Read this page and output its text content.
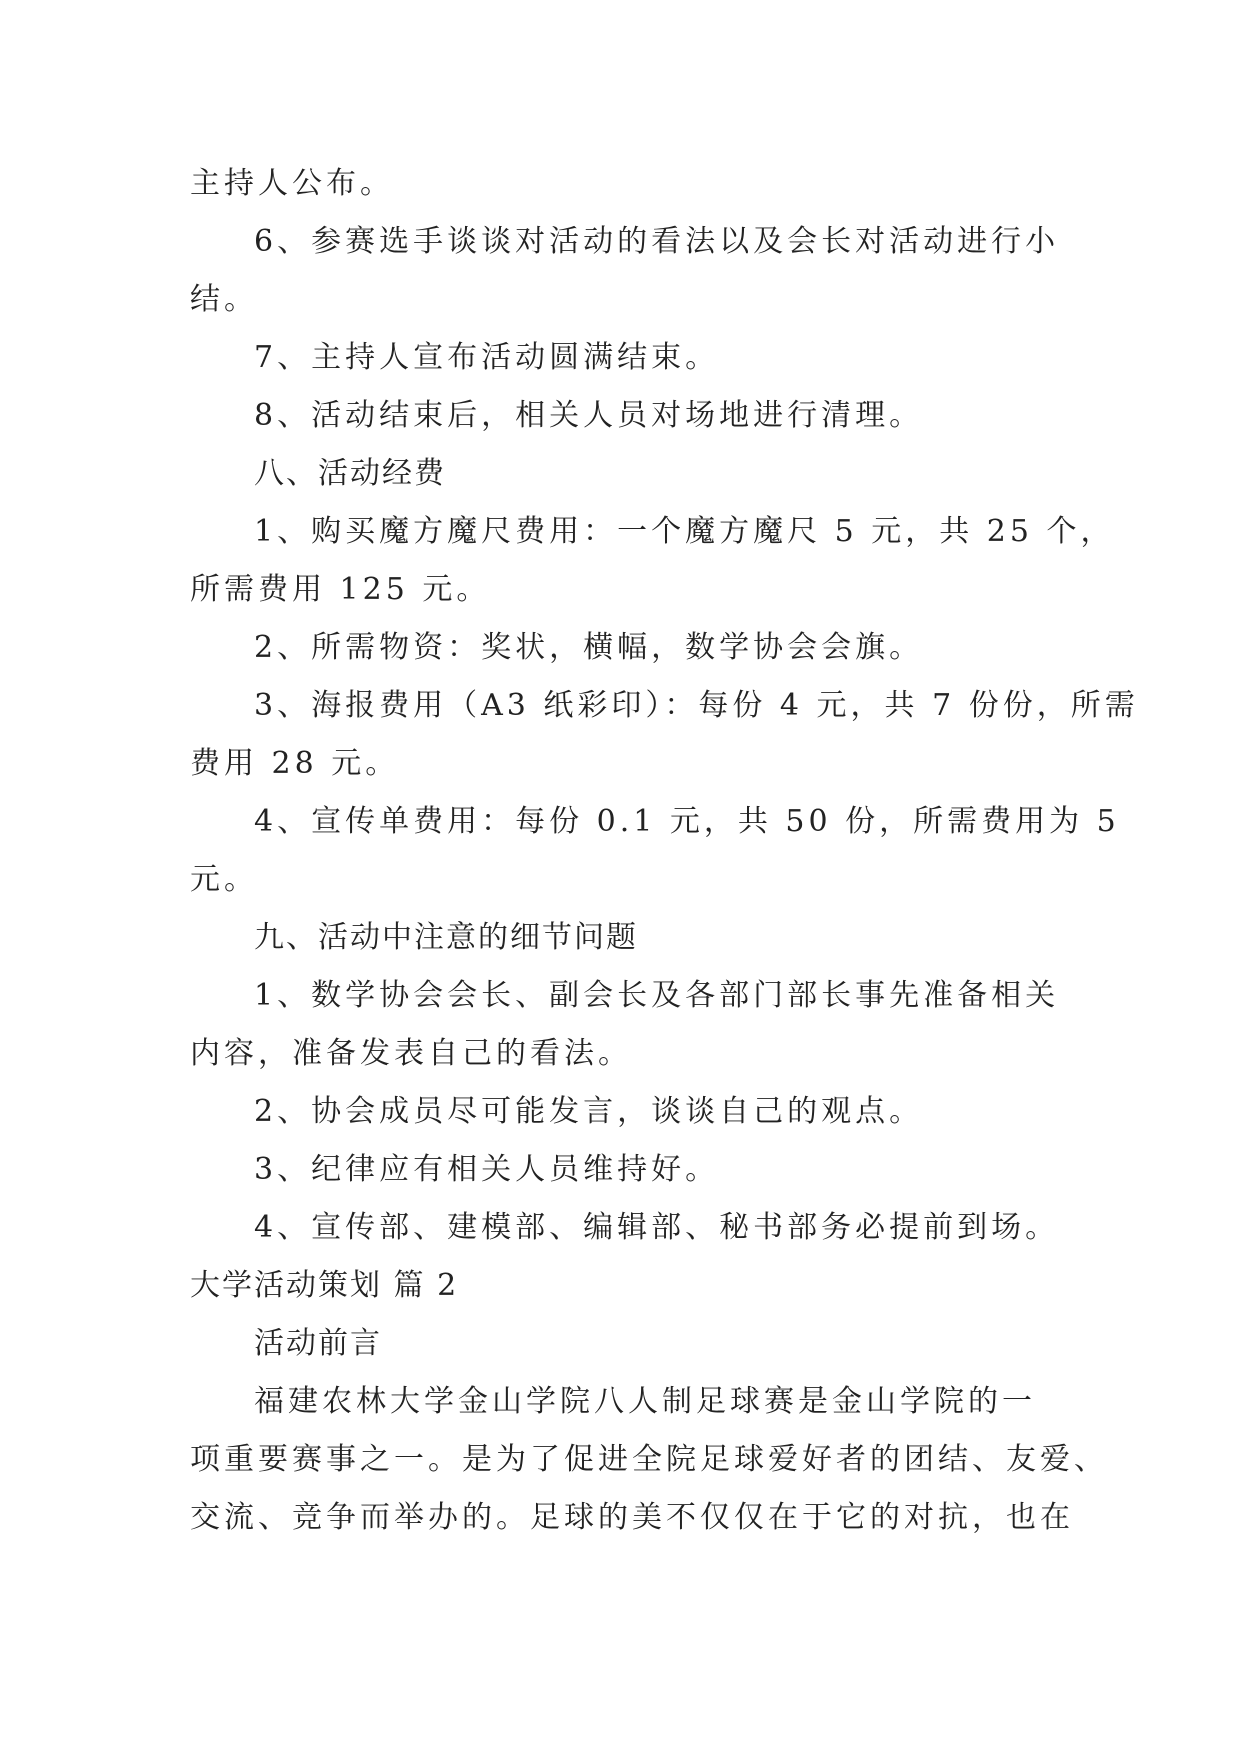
主持人公布。
6、参赛选手谈谈对活动的看法以及会长对活动进行小
结。
7、主持人宣布活动圆满结束。
8、活动结束后，相关人员对场地进行清理。
八、活动经费
1、购买魔方魔尺费用：一个魔方魔尺 5 元，共 25 个，
所需费用 125 元。
2、所需物资：奖状，横幅，数学协会会旗。
3、海报费用（A3 纸彩印）：每份 4 元，共 7 份份，所需
费用 28 元。
4、宣传单费用：每份 0.1 元，共 50 份，所需费用为 5
元。
九、活动中注意的细节问题
1、数学协会会长、副会长及各部门部长事先准备相关
内容，准备发表自己的看法。
2、协会成员尽可能发言，谈谈自己的观点。
3、纪律应有相关人员维持好。
4、宣传部、建模部、编辑部、秘书部务必提前到场。
大学活动策划 篇 2
活动前言
福建农林大学金山学院八人制足球赛是金山学院的一
项重要赛事之一。是为了促进全院足球爱好者的团结、友爱、
交流、竞争而举办的。足球的美不仅仅在于它的对抗，也在
